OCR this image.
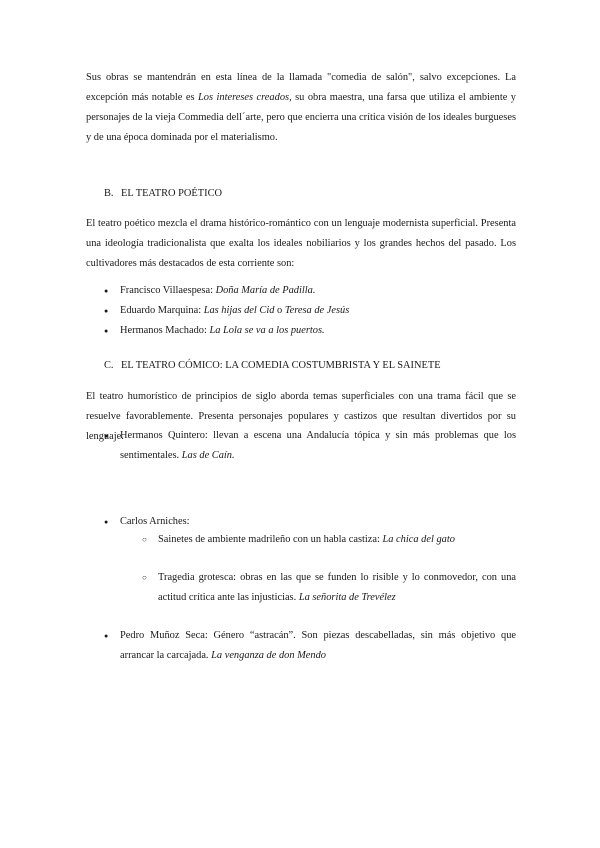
Sus obras se mantendrán en esta línea de la llamada "comedia de salón", salvo excepciones. La excepción más notable es Los intereses creados, su obra maestra, una farsa que utiliza el ambiente y personajes de la vieja Commedia dell´arte, pero que encierra una crítica visión de los ideales burgueses y de una época dominada por el materialismo.

B. EL TEATRO POÉTICO

El teatro poético mezcla el drama histórico-romántico con un lenguaje modernista superficial. Presenta una ideología tradicionalista que exalta los ideales nobiliarios y los grandes hechos del pasado. Los cultivadores más destacados de esta corriente son:

● Francisco Villaespesa: Doña María de Padilla.
● Eduardo Marquina: Las hijas del Cid o Teresa de Jesús
● Hermanos Machado: La Lola se va a los puertos.
C. EL TEATRO CÓMICO: LA COMEDIA COSTUMBRISTA Y EL SAINETE

El teatro humorístico de principios de siglo aborda temas superficiales con una trama fácil que se resuelve favorablemente. Presenta personajes populares y castizos que resultan divertidos por su lenguaje.

● Hermanos Quintero: llevan a escena una Andalucía tópica y sin más problemas que los sentimentales. Las de Caín.
● Carlos Arniches:
○ Sainetes de ambiente madrileño con un habla castiza: La chica del gato
○ Tragedia grotesca: obras en las que se funden lo risible y lo conmovedor, con una actitud crítica ante las injusticias. La señorita de Trevélez
● Pedro Muñoz Seca: Género “astracán”. Son piezas descabelladas, sin más objetivo que arrancar la carcajada. La venganza de don Mendo
